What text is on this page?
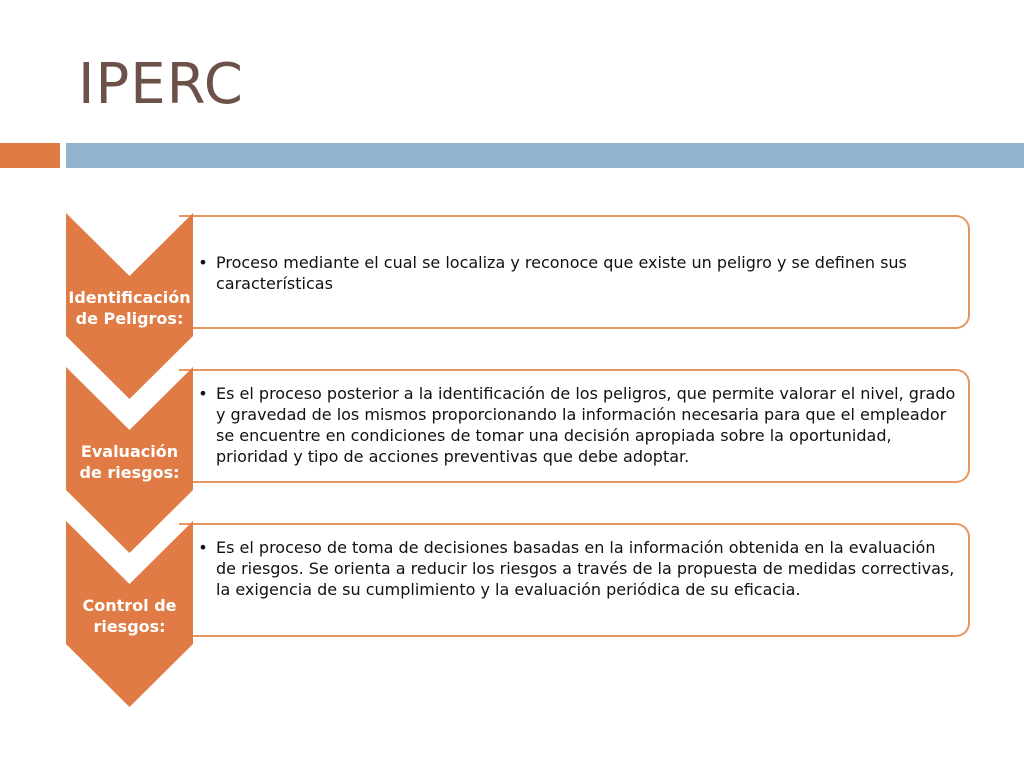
IPERC
Identificación
de Peligros:
• Proceso mediante el cual se localiza y reconoce que existe un peligro y se definen sus características
Evaluación
de riesgos:
• Es el proceso posterior a la identificación de los peligros, que permite valorar el nivel, grado y gravedad de los mismos proporcionando la información necesaria para que el empleador se encuentre en condiciones de tomar una decisión apropiada sobre la oportunidad, prioridad y tipo de acciones preventivas que debe adoptar.
Control de
riesgos:
• Es el proceso de toma de decisiones basadas en la información obtenida en la evaluación de riesgos. Se orienta a reducir los riesgos a través de la propuesta de medidas correctivas, la exigencia de su cumplimiento y la evaluación periódica de su eficacia.
